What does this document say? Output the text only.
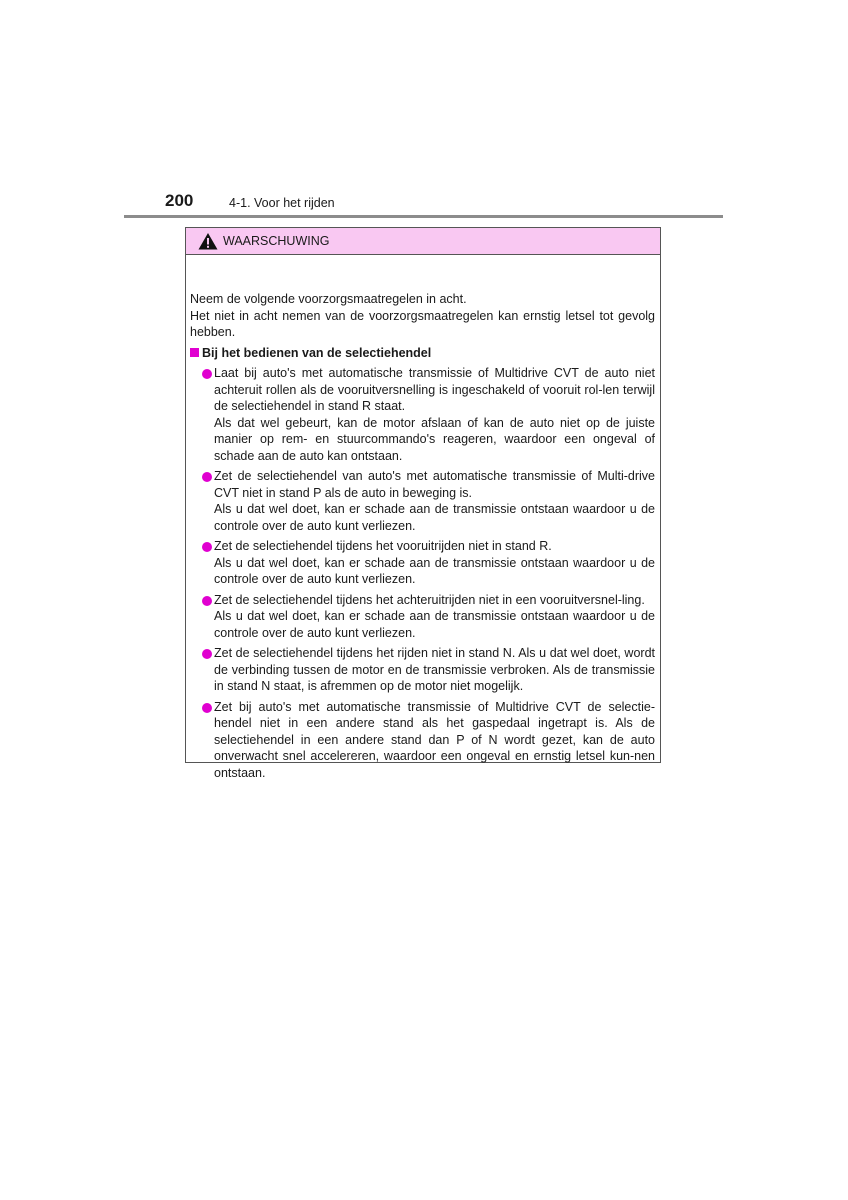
200	4-1. Voor het rijden
WAARSCHUWING

Neem de volgende voorzorgsmaatregelen in acht.

Het niet in acht nemen van de voorzorgsmaatregelen kan ernstig letsel tot gevolg hebben.

Bij het bedienen van de selectiehendel

Laat bij auto's met automatische transmissie of Multidrive CVT de auto niet achteruit rollen als de vooruitversnelling is ingeschakeld of vooruit rol-len terwijl de selectiehendel in stand R staat.

Als dat wel gebeurt, kan de motor afslaan of kan de auto niet op de juiste manier op rem- en stuurcommando's reageren, waardoor een ongeval of schade aan de auto kan ontstaan.

Zet de selectiehendel van auto's met automatische transmissie of Multi-drive CVT niet in stand P als de auto in beweging is.

Als u dat wel doet, kan er schade aan de transmissie ontstaan waardoor u de controle over de auto kunt verliezen.

Zet de selectiehendel tijdens het vooruitrijden niet in stand R.

Als u dat wel doet, kan er schade aan de transmissie ontstaan waardoor u de controle over de auto kunt verliezen.

Zet de selectiehendel tijdens het achteruitrijden niet in een vooruitversnel-ling.

Als u dat wel doet, kan er schade aan de transmissie ontstaan waardoor u de controle over de auto kunt verliezen.

Zet de selectiehendel tijdens het rijden niet in stand N. Als u dat wel doet, wordt de verbinding tussen de motor en de transmissie verbroken. Als de transmissie in stand N staat, is afremmen op de motor niet mogelijk.

Zet bij auto's met automatische transmissie of Multidrive CVT de selectie-hendel niet in een andere stand als het gaspedaal ingetrapt is. Als de selectiehendel in een andere stand dan P of N wordt gezet, kan de auto onverwacht snel accelereren, waardoor een ongeval en ernstig letsel kun-nen ontstaan.
